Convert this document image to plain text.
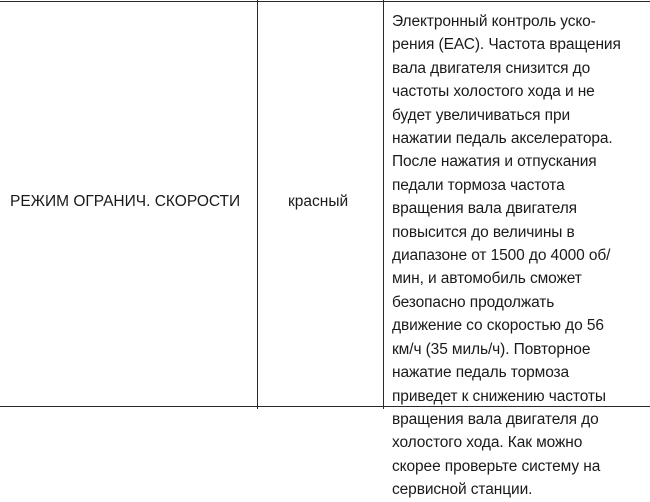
РЕЖИМ ОГРАНИЧ. СКОРОСТИ	красный
Электронный контроль ускo-
рения (ЕАС). Частота вращения
вала двигателя снизится до
частоты холостого хода и не
будет увеличиваться при
нажатии педаль акселератора.
После нажатия и отпускания
педали тормоза частота
вращения вала двигателя
повысится до величины в
диапазоне от 1500 до 4000 об/
мин, и автомобиль сможет
безопасно продолжать
движение со скоростью до 56
км/ч (35 миль/ч). Повторное
нажатие педаль тормоза
приведет к снижению частоты
вращения вала двигателя до
холостого хода. Как можно
скорее проверьте систему на
сервисной станции.
